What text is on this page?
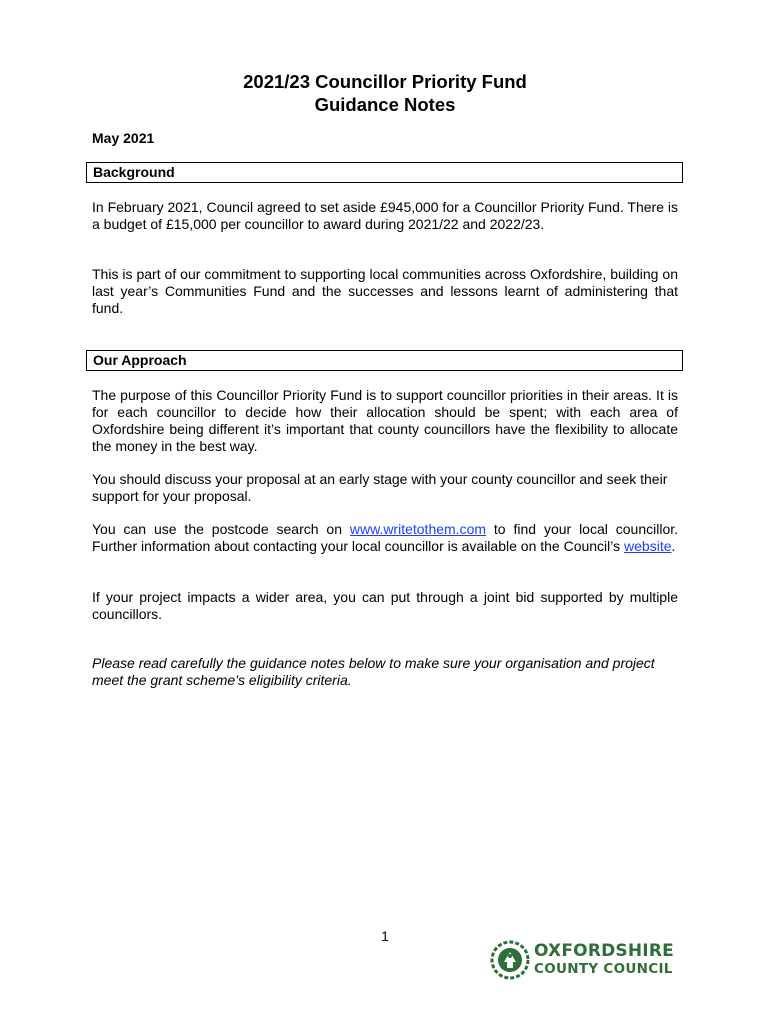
2021/23 Councillor Priority Fund
Guidance Notes
May 2021
Background

In February 2021, Council agreed to set aside £945,000 for a Councillor Priority Fund. There is a budget of £15,000 per councillor to award during 2021/22 and 2022/23.

This is part of our commitment to supporting local communities across Oxfordshire, building on last year’s Communities Fund and the successes and lessons learnt of administering that fund.

Our Approach

The purpose of this Councillor Priority Fund is to support councillor priorities in their areas. It is for each councillor to decide how their allocation should be spent; with each area of Oxfordshire being different it’s important that county councillors have the flexibility to allocate the money in the best way.

You should discuss your proposal at an early stage with your county councillor and seek their support for your proposal.

You can use the postcode search on www.writetothem.com to find your local councillor. Further information about contacting your local councillor is available on the Council’s website.

If your project impacts a wider area, you can put through a joint bid supported by multiple councillors.

Please read carefully the guidance notes below to make sure your organisation and project meet the grant scheme’s eligibility criteria.

1
OXFORDSHIRE
COUNTY COUNCIL
